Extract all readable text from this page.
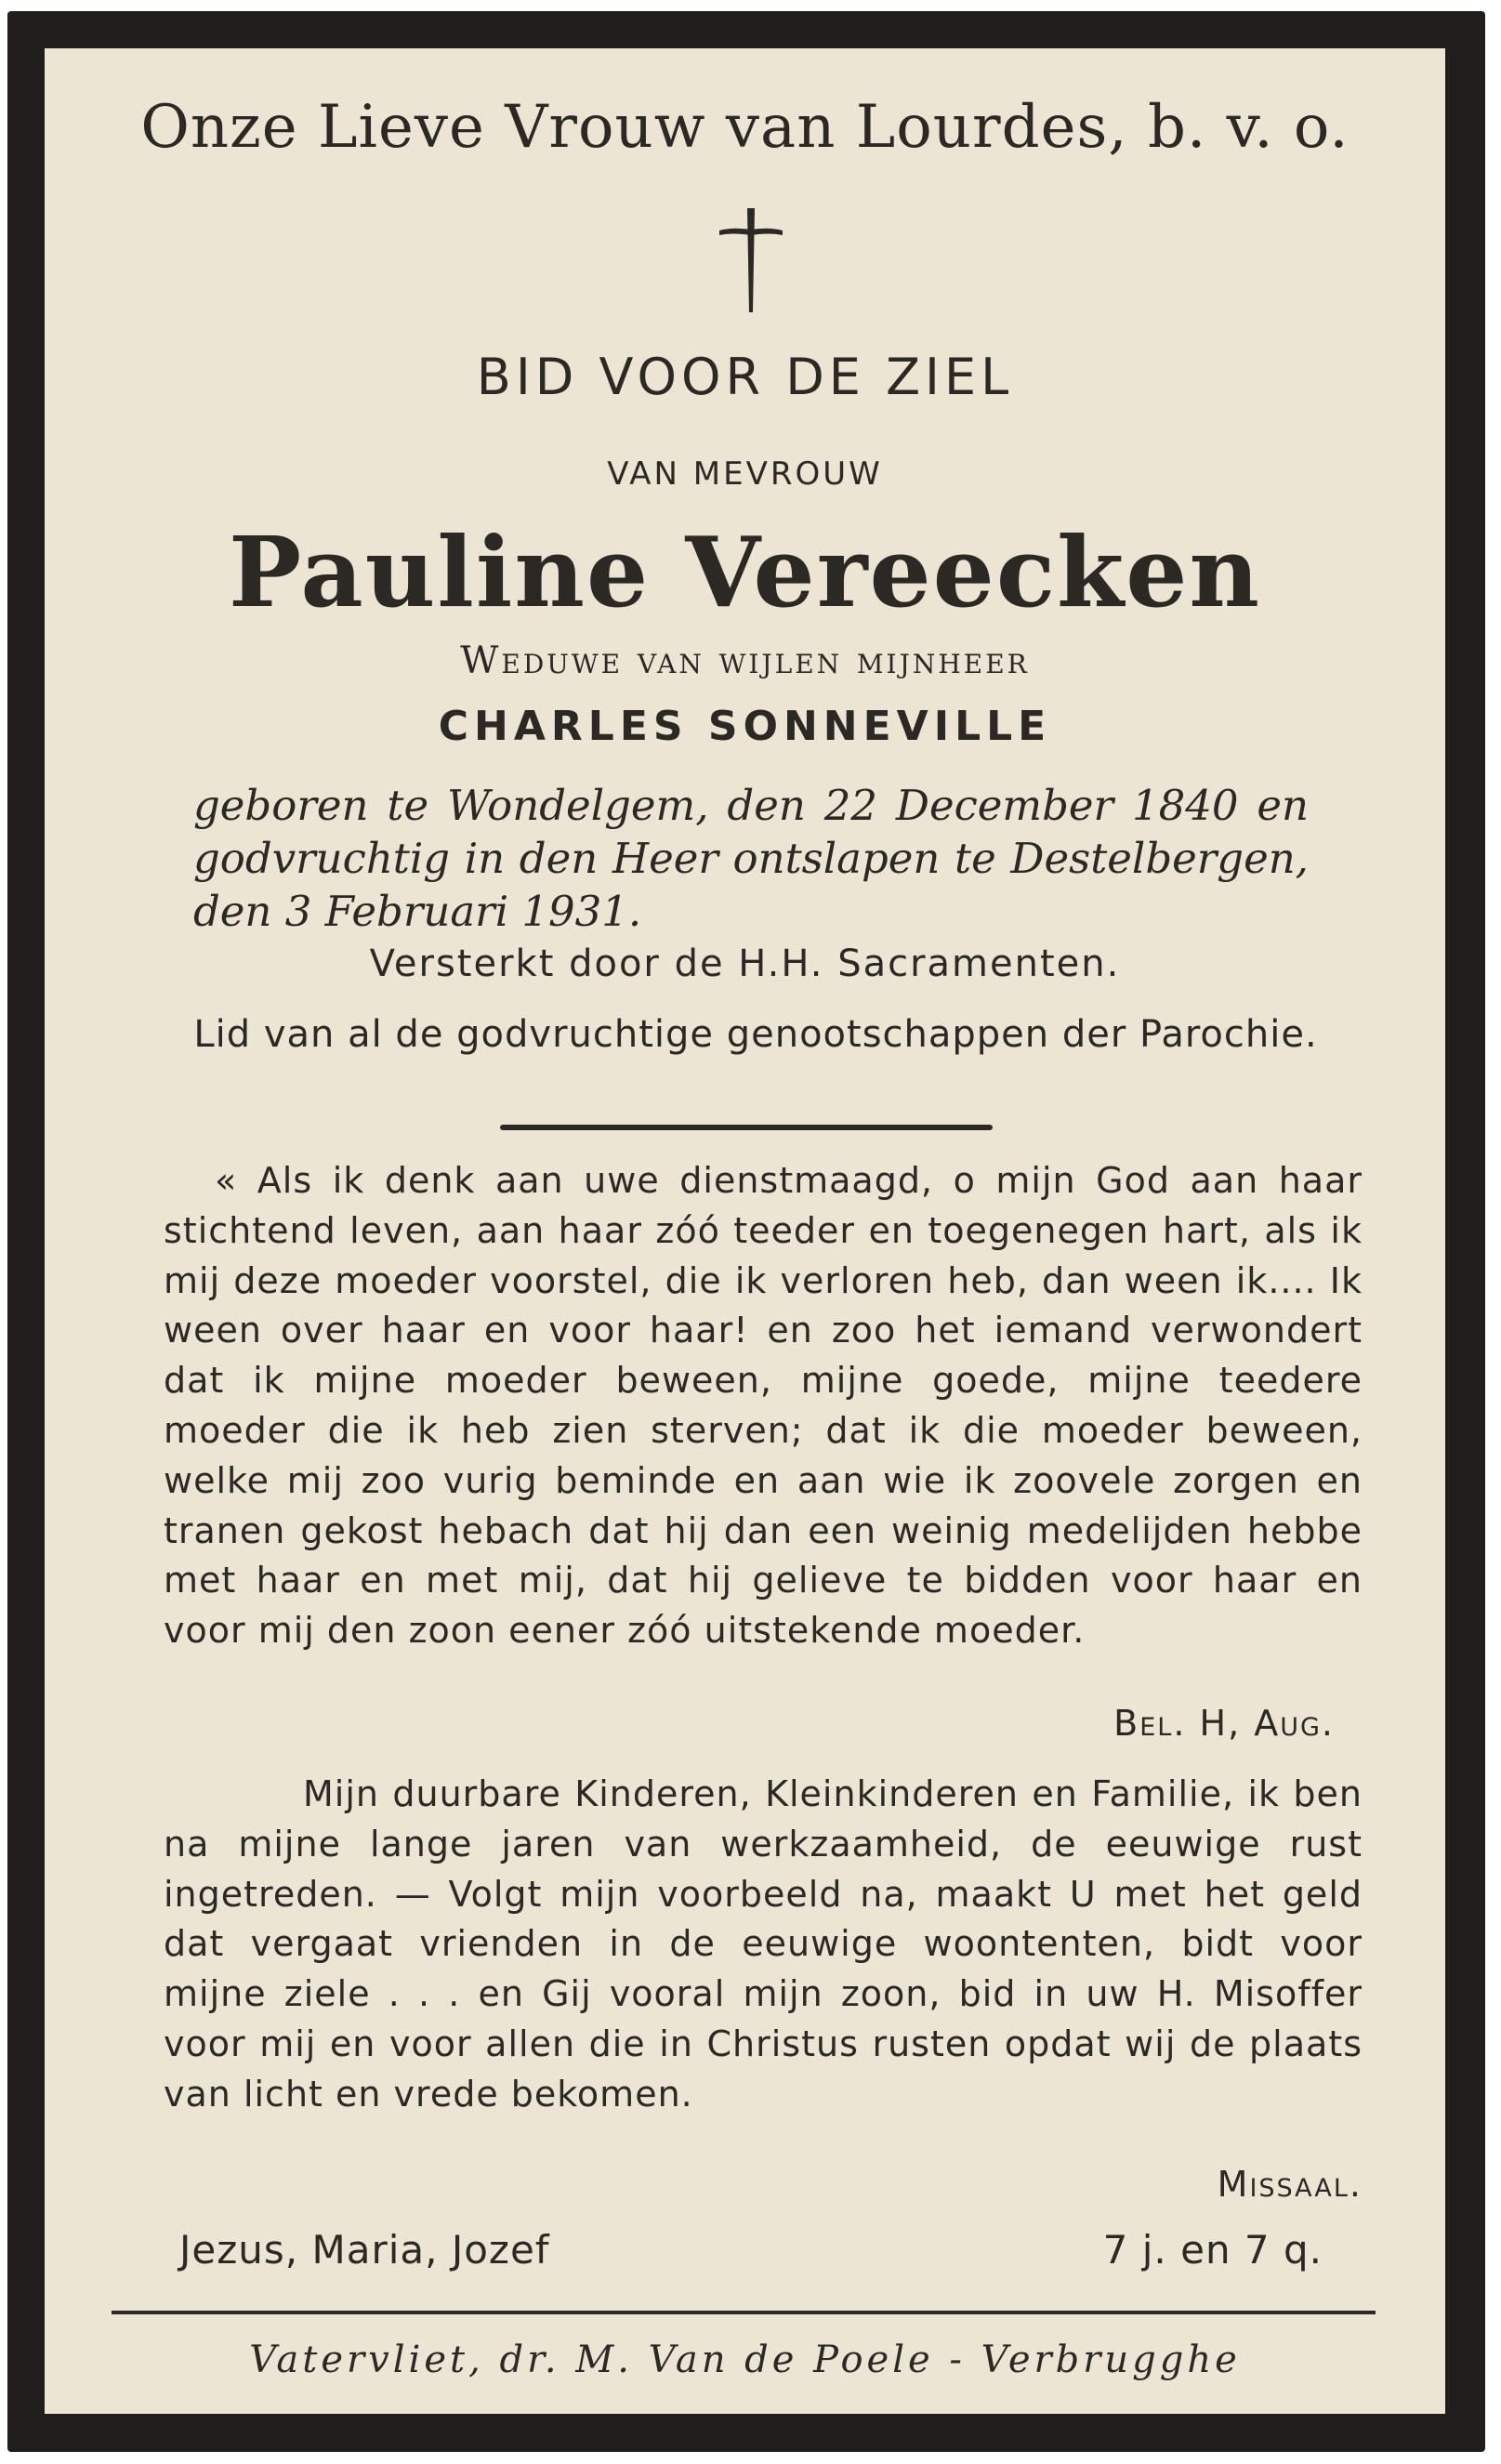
Onze Lieve Vrouw van Lourdes, b. v. o.
BID VOOR DE ZIEL
VAN MEVROUW
Pauline Vereecken
Weduwe van wijlen mijnheer
CHARLES SONNEVILLE
geboren te Wondelgem, den 22 December 1840 en godvruchtig in den Heer ontslapen te Destelbergen, den 3 Februari 1931.
Versterkt door de H.H. Sacramenten.
Lid van al de godvruchtige genootschappen der Parochie.
« Als ik denk aan uwe dienstmaagd, o mijn God aan haar stichtend leven, aan haar zóó teeder en toegenegen hart, als ik mij deze moeder voorstel, die ik verloren heb, dan ween ik.... Ik ween over haar en voor haar! en zoo het iemand verwondert dat ik mijne moeder beween, mijne goede, mijne teedere moeder die ik heb zien sterven; dat ik die moeder beween, welke mij zoo vurig beminde en aan wie ik zoovele zorgen en tranen gekost hebach dat hij dan een weinig medelijden hebbe met haar en met mij, dat hij gelieve te bidden voor haar en voor mij den zoon eener zóó uitstekende moeder.
Bel. H, Aug.
Mijn duurbare Kinderen, Kleinkinderen en Familie, ik ben na mijne lange jaren van werkzaamheid, de eeuwige rust ingetreden. — Volgt mijn voorbeeld na, maakt U met het geld dat vergaat vrienden in de eeuwige woontenten, bidt voor mijne ziele . . . en Gij vooral mijn zoon, bid in uw H. Misoffer voor mij en voor allen die in Christus rusten opdat wij de plaats van licht en vrede bekomen.
Missaal.
Jezus, Maria, Jozef	7 j. en 7 q.
Vatervliet, dr. M. Van de Poele - Verbrugghe
